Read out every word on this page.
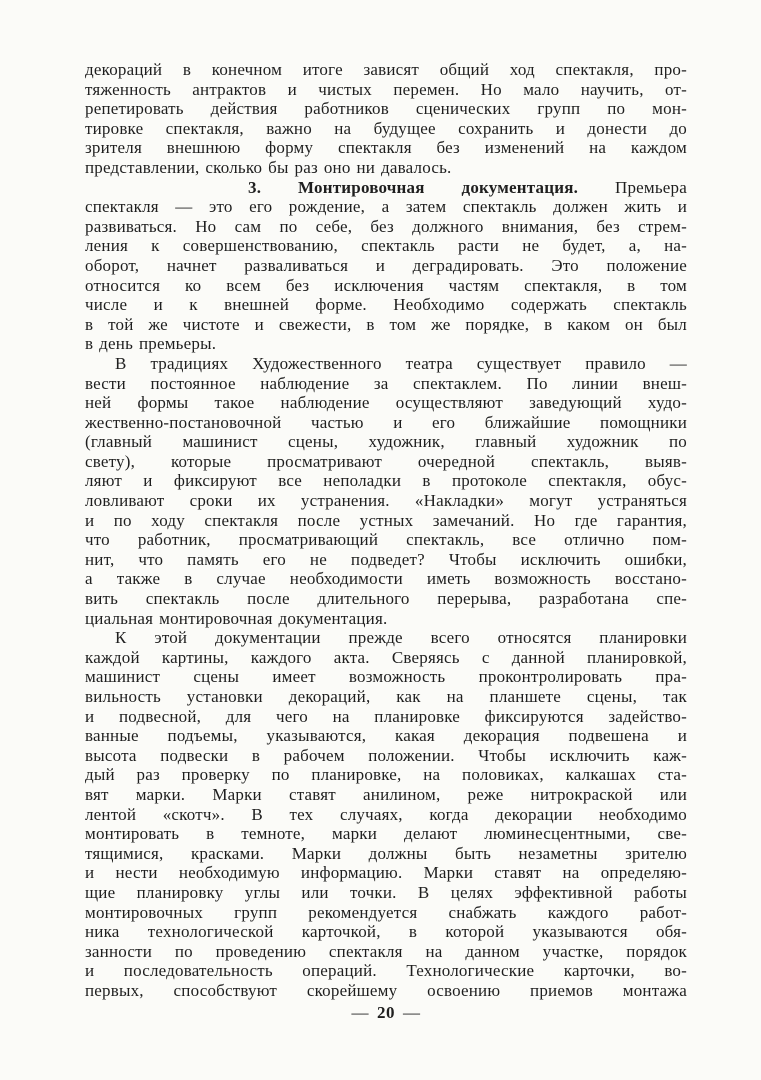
декораций в конечном итоге зависят общий ход спектакля, про-
тяженность антрактов и чистых перемен. Но мало научить, от-
репетировать действия работников сценических групп по мон-
тировке спектакля, важно на будущее сохранить и донести до
зрителя внешнюю форму спектакля без изменений на каждом
представлении, сколько бы раз оно ни давалось.
3. Монтировочная документация. Премьера
спектакля — это его рождение, а затем спектакль должен жить и
развиваться. Но сам по себе, без должного внимания, без стрем-
ления к совершенствованию, спектакль расти не будет, а, на-
оборот, начнет разваливаться и деградировать. Это положение
относится ко всем без исключения частям спектакля, в том
числе и к внешней форме. Необходимо содержать спектакль
в той же чистоте и свежести, в том же порядке, в каком он был
в день премьеры.
В традициях Художественного театра существует правило —
вести постоянное наблюдение за спектаклем. По линии внеш-
ней формы такое наблюдение осуществляют заведующий худо-
жественно-постановочной частью и его ближайшие помощники
(главный машинист сцены, художник, главный художник по
свету), которые просматривают очередной спектакль, выяв-
ляют и фиксируют все неполадки в протоколе спектакля, обус-
ловливают сроки их устранения. «Накладки» могут устраняться
и по ходу спектакля после устных замечаний. Но где гарантия,
что работник, просматривающий спектакль, все отлично пом-
нит, что память его не подведет? Чтобы исключить ошибки,
а также в случае необходимости иметь возможность восстано-
вить спектакль после длительного перерыва, разработана спе-
циальная монтировочная документация.
К этой документации прежде всего относятся планировки
каждой картины, каждого акта. Сверяясь с данной планировкой,
машинист сцены имеет возможность проконтролировать пра-
вильность установки декораций, как на планшете сцены, так
и подвесной, для чего на планировке фиксируются задейство-
ванные подъемы, указываются, какая декорация подвешена и
высота подвески в рабочем положении. Чтобы исключить каж-
дый раз проверку по планировке, на половиках, калкашах ста-
вят марки. Марки ставят анилином, реже нитрокраской или
лентой «скотч». В тех случаях, когда декорации необходимо
монтировать в темноте, марки делают люминесцентными, све-
тящимися, красками. Марки должны быть незаметны зрителю
и нести необходимую информацию. Марки ставят на определяю-
щие планировку углы или точки. В целях эффективной работы
монтировочных групп рекомендуется снабжать каждого работ-
ника технологической карточкой, в которой указываются обя-
занности по проведению спектакля на данном участке, порядок
и последовательность операций. Технологические карточки, во-
первых, способствуют скорейшему освоению приемов монтажа
— 20 —
